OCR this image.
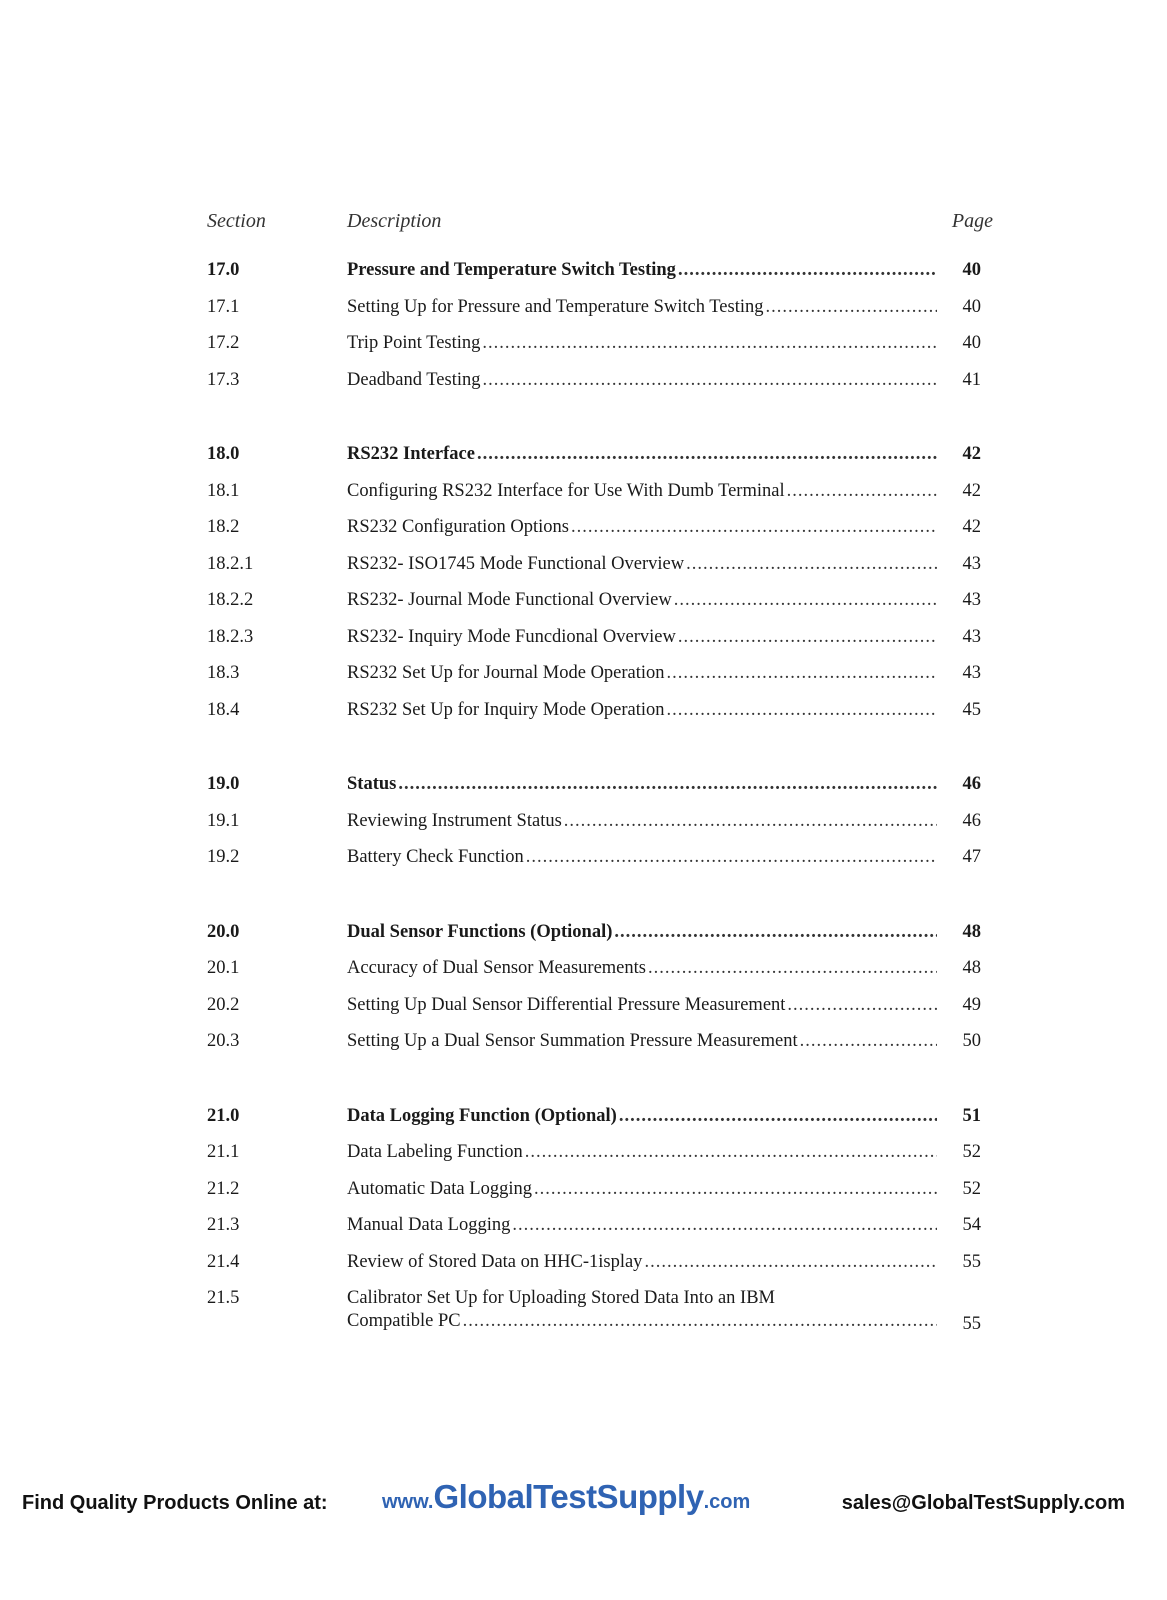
Section	Description	Page
17.0	Pressure and Temperature Switch Testing .....	40
17.1	Setting Up for Pressure and Temperature Switch Testing .....	40
17.2	Trip Point Testing .....	40
17.3	Deadband Testing .....	41
18.0	RS232 Interface .....	42
18.1	Configuring RS232 Interface for Use With Dumb Terminal .....	42
18.2	RS232 Configuration Options .....	42
18.2.1	RS232- ISO1745 Mode Functional Overview .....	43
18.2.2	RS232- Journal Mode Functional Overview .....	43
18.2.3	RS232- Inquiry Mode Funcdional Overview .....	43
18.3	RS232 Set Up for Journal Mode Operation .....	43
18.4	RS232 Set Up for Inquiry Mode Operation .....	45
19.0	Status .....	46
19.1	Reviewing Instrument Status .....	46
19.2	Battery Check Function .....	47
20.0	Dual Sensor Functions (Optional) .....	48
20.1	Accuracy of Dual Sensor Measurements .....	48
20.2	Setting Up Dual Sensor Differential Pressure Measurement .....	49
20.3	Setting Up a Dual Sensor Summation Pressure Measurement .....	50
21.0	Data Logging Function (Optional) .....	51
21.1	Data Labeling Function .....	52
21.2	Automatic Data Logging .....	52
21.3	Manual Data Logging .....	54
21.4	Review of Stored Data on HHC-1isplay .....	55
21.5	Calibrator Set Up for Uploading Stored Data Into an IBM
Compatible PC .....	55
Find Quality Products Online at:	www.GlobalTestSupply.com	sales@GlobalTestSupply.com
